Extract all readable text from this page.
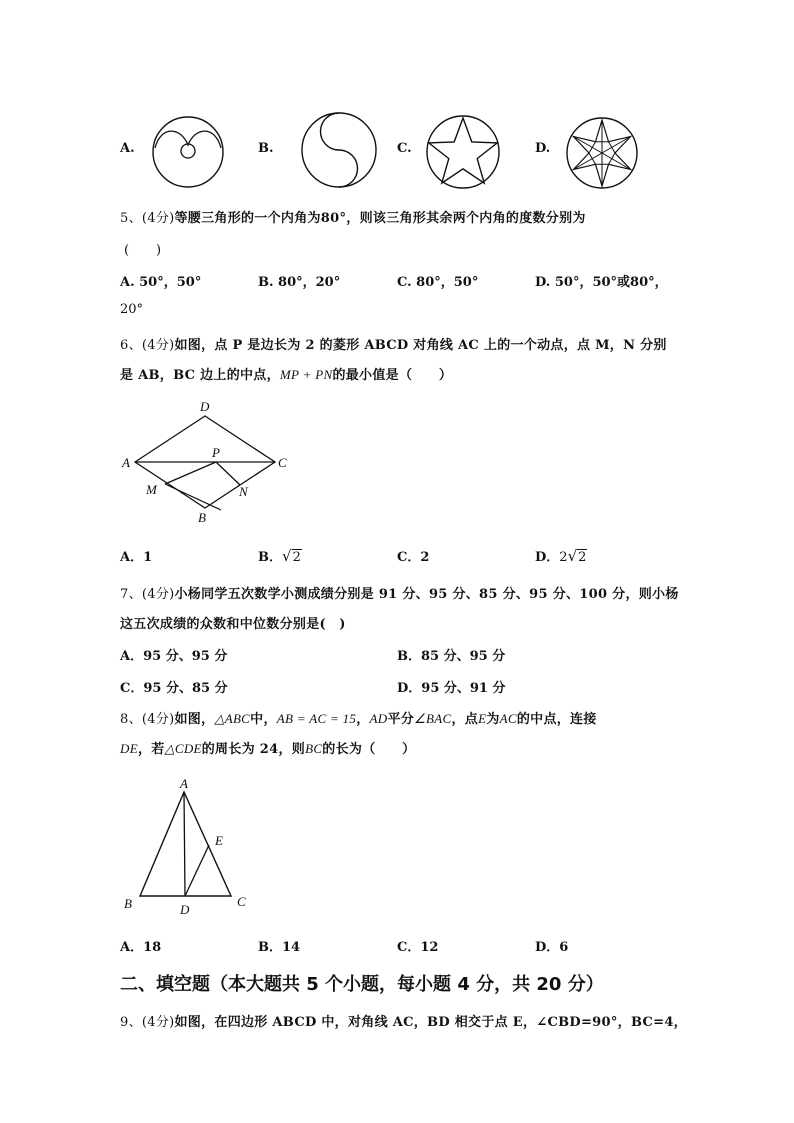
A.	B.	C.	D.
5、(4分)等腰三角形的一个内角为80°，则该三角形其余两个内角的度数分别为
(　　)
A. 50°，50°	B. 80°，20°	C. 80°，50°	D. 50°，50°或80°，
20°
6、(4分)如图，点 P 是边长为 2 的菱形 ABCD 对角线 AC 上的一个动点，点 M，N 分别
是 AB，BC 边上的中点，MP + PN的最小值是（　　）
D
A	C
P
M	N
B
A．1	B．√2	C．2	D．2√2
7、(4分)小杨同学五次数学小测成绩分别是 91 分、95 分、85 分、95 分、100 分，则小杨
这五次成绩的众数和中位数分别是(　)
A．95 分、95 分	B．85 分、95 分
C．95 分、85 分	D．95 分、91 分
8、(4分)如图，△ABC中，AB = AC = 15，AD平分∠BAC，点E为AC的中点，连接
DE，若△CDE的周长为 24，则BC的长为（　　）
A
B	C
D
E
A．18	B．14	C．12	D．6
二、填空题（本大题共 5 个小题，每小题 4 分，共 20 分）
9、(4分)如图，在四边形 ABCD 中，对角线 AC，BD 相交于点 E，∠CBD=90°，BC=4，
